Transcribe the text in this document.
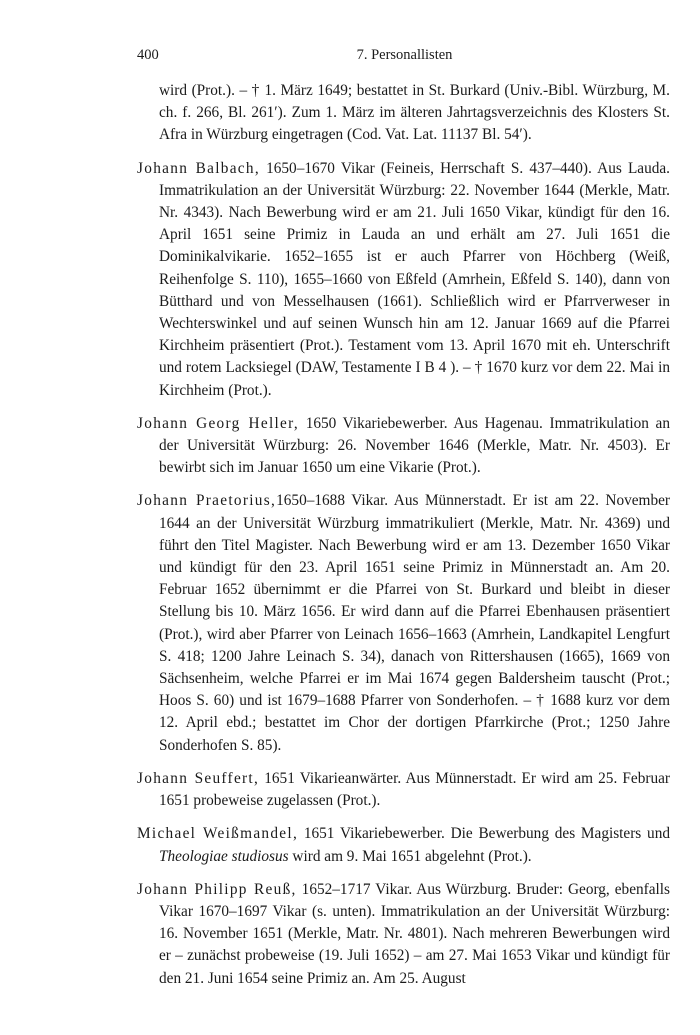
400	7. Personallisten

wird (Prot.). – † 1. März 1649; bestattet in St. Burkard (Univ.-Bibl. Würzburg, M. ch. f. 266, Bl. 261′). Zum 1. März im älteren Jahrtagsverzeichnis des Klosters St. Afra in Würzburg eingetragen (Cod. Vat. Lat. 11137 Bl. 54′).

Johann Balbach, 1650–1670 Vikar (Feineis, Herrschaft S. 437–440). Aus Lauda. Immatrikulation an der Universität Würzburg: 22. November 1644 (Merkle, Matr. Nr. 4343). Nach Bewerbung wird er am 21. Juli 1650 Vikar, kündigt für den 16. April 1651 seine Primiz in Lauda an und erhält am 27. Juli 1651 die Dominikalvikarie. 1652–1655 ist er auch Pfarrer von Höchberg (Weiß, Reihenfolge S. 110), 1655–1660 von Eßfeld (Amrhein, Eßfeld S. 140), dann von Bütthard und von Messelhausen (1661). Schließlich wird er Pfarrverweser in Wechterswinkel und auf seinen Wunsch hin am 12. Januar 1669 auf die Pfarrei Kirchheim präsentiert (Prot.). Testament vom 13. April 1670 mit eh. Unterschrift und rotem Lacksiegel (DAW, Testamente I B 4 ). – † 1670 kurz vor dem 22. Mai in Kirchheim (Prot.).

Johann Georg Heller, 1650 Vikariebewerber. Aus Hagenau. Immatrikulation an der Universität Würzburg: 26. November 1646 (Merkle, Matr. Nr. 4503). Er bewirbt sich im Januar 1650 um eine Vikarie (Prot.).

Johann Praetorius,1650–1688 Vikar. Aus Münnerstadt. Er ist am 22. November 1644 an der Universität Würzburg immatrikuliert (Merkle, Matr. Nr. 4369) und führt den Titel Magister. Nach Bewerbung wird er am 13. Dezember 1650 Vikar und kündigt für den 23. April 1651 seine Primiz in Münnerstadt an. Am 20. Februar 1652 übernimmt er die Pfarrei von St. Burkard und bleibt in dieser Stellung bis 10. März 1656. Er wird dann auf die Pfarrei Ebenhausen präsentiert (Prot.), wird aber Pfarrer von Leinach 1656–1663 (Amrhein, Landkapitel Lengfurt S. 418; 1200 Jahre Leinach S. 34), danach von Rittershausen (1665), 1669 von Sächsenheim, welche Pfarrei er im Mai 1674 gegen Baldersheim tauscht (Prot.; Hoos S. 60) und ist 1679–1688 Pfarrer von Sonderhofen. – † 1688 kurz vor dem 12. April ebd.; bestattet im Chor der dortigen Pfarrkirche (Prot.; 1250 Jahre Sonderhofen S. 85).

Johann Seuffert, 1651 Vikarieanwärter. Aus Münnerstadt. Er wird am 25. Februar 1651 probeweise zugelassen (Prot.).

Michael Weißmandel, 1651 Vikariebewerber. Die Bewerbung des Magisters und Theologiae studiosus wird am 9. Mai 1651 abgelehnt (Prot.).

Johann Philipp Reuß, 1652–1717 Vikar. Aus Würzburg. Bruder: Georg, ebenfalls Vikar 1670–1697 Vikar (s. unten). Immatrikulation an der Universität Würzburg: 16. November 1651 (Merkle, Matr. Nr. 4801). Nach mehreren Bewerbungen wird er – zunächst probeweise (19. Juli 1652) – am 27. Mai 1653 Vikar und kündigt für den 21. Juni 1654 seine Primiz an. Am 25. August
